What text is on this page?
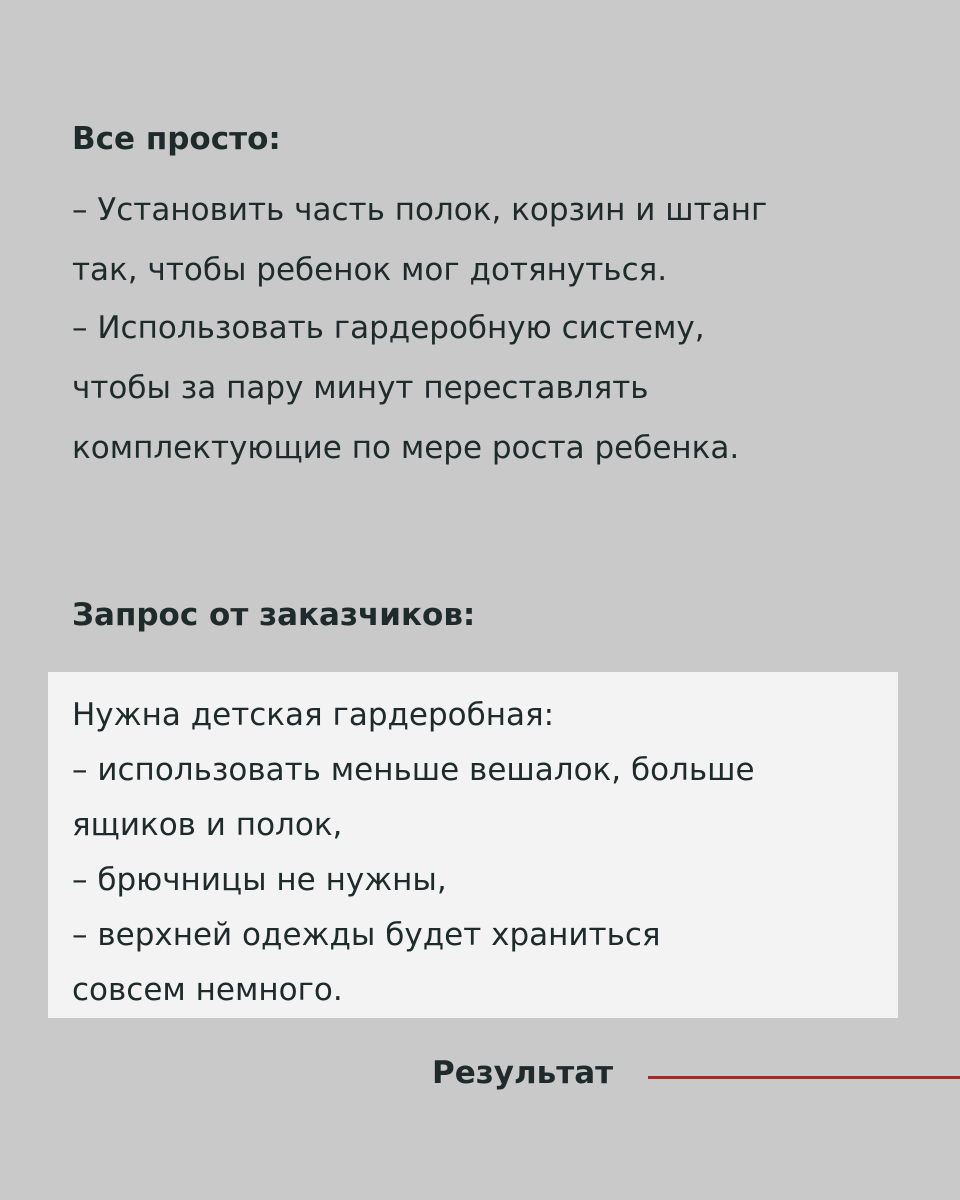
Все просто:

– Установить часть полок, корзин и штанг
так, чтобы ребенок мог дотянуться.

– Использовать гардеробную систему,
чтобы за пару минут переставлять
комплектующие по мере роста ребенка.

Запрос от заказчиков:

Нужна детская гардеробная:
– использовать меньше вешалок, больше
ящиков и полок,
– брючницы не нужны,
– верхней одежды будет храниться
совсем немного.

Результат
